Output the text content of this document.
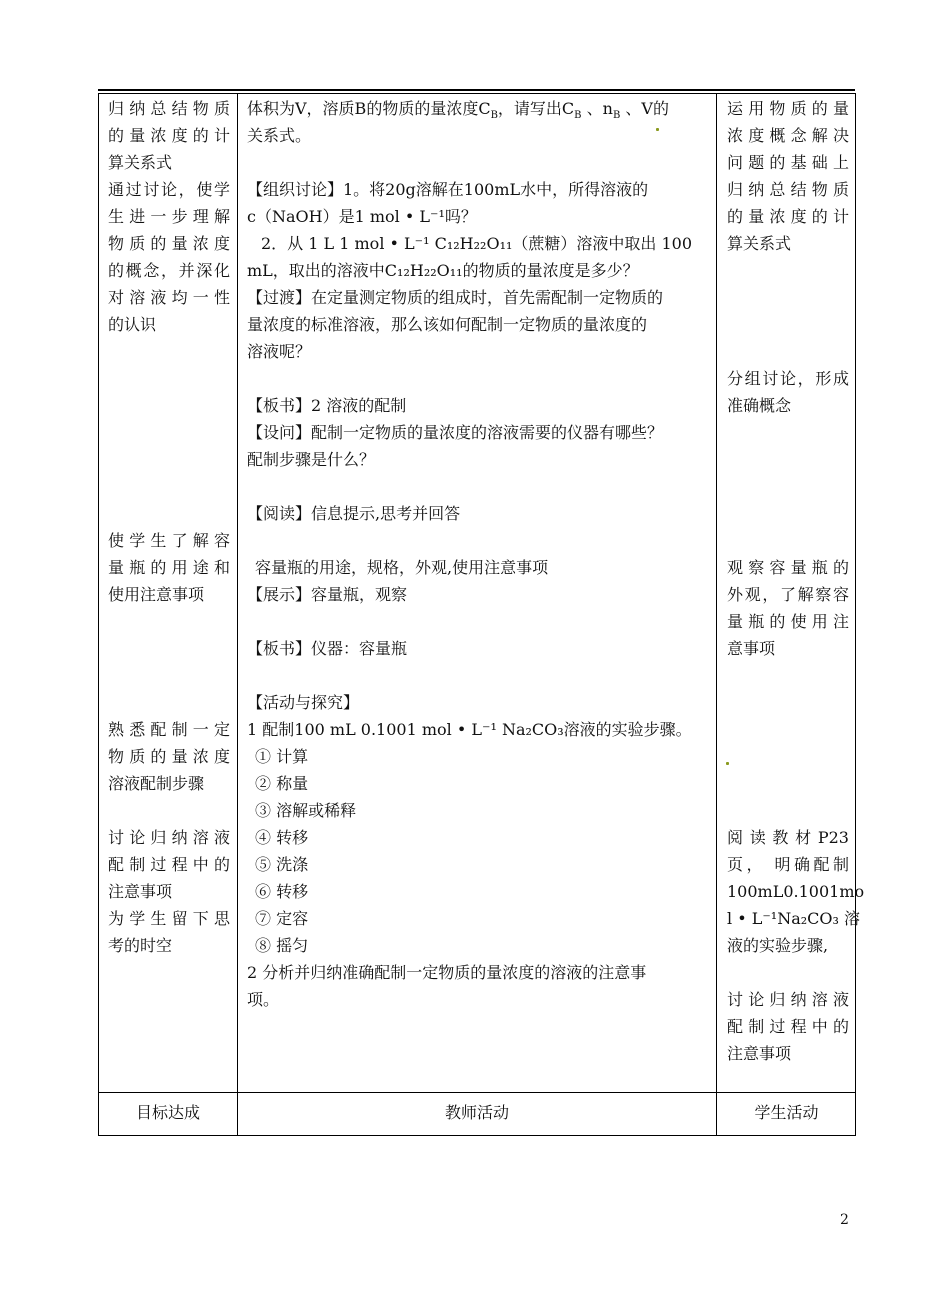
归纳总结物质
的量浓度的计
算关系式
通过讨论，使学
生进一步理解
物质的量浓度
的概念，并深化
对溶液均一性
的认识
使学生了解容
量瓶的用途和
使用注意事项
熟悉配制一定
物质的量浓度
溶液配制步骤
讨论归纳溶液
配制过程中的
注意事项
为学生留下思
考的时空
体积为V，溶质B的物质的量浓度$C_B$，请写出$C_B$ 、$n_B$ 、V的
关系式。
【组织讨论】1。将20g溶解在100mL水中，所得溶液的
c（NaOH）是1 mol • L⁻¹吗？
2．从 1 L 1 mol • L⁻¹ C₁₂H₂₂O₁₁（蔗糖）溶液中取出 100
mL，取出的溶液中C₁₂H₂₂O₁₁的物质的量浓度是多少？
【过渡】在定量测定物质的组成时，首先需配制一定物质的
量浓度的标准溶液，那么该如何配制一定物质的量浓度的
溶液呢？
【板书】2 溶液的配制
【设问】配制一定物质的量浓度的溶液需要的仪器有哪些？
配制步骤是什么？
【阅读】信息提示,思考并回答
容量瓶的用途，规格，外观,使用注意事项
【展示】容量瓶，观察
【板书】仪器：容量瓶
【活动与探究】
1 配制100 mL 0.1001 mol • L⁻¹ Na₂CO₃溶液的实验步骤。
① 计算
② 称量
③ 溶解或稀释
④ 转移
⑤ 洗涤
⑥ 转移
⑦ 定容
⑧ 摇匀
2 分析并归纳准确配制一定物质的量浓度的溶液的注意事
项。
运用物质的量
浓度概念解决
问题的基础上
归纳总结物质
的量浓度的计
算关系式
分组讨论，形成
准确概念
观察容量瓶的
外观，了解察容
量瓶的使用注
意事项
阅读教材P23
页， 明确配制
100mL0.1001mo
l • L⁻¹Na₂CO₃ 溶
液的实验步骤,
讨论归纳溶液
配制过程中的
注意事项
目标达成	教师活动	学生活动
2
